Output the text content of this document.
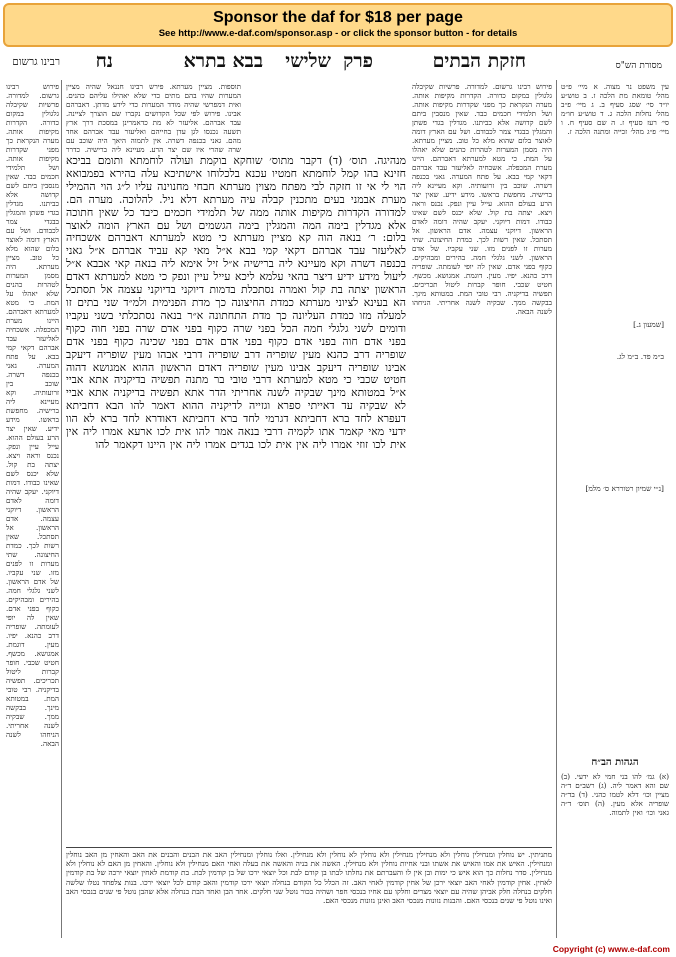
Sponsor the daf for $18 per page
See http://www.e-daf.com/sponsor.asp - or click the sponsor button - for details
נח	בבא בתרא שלישי פרק	חזקת הבתים	מסורת הש"ס
רבינו גרשום
פירוש רבינו גרשום. למדורה. פרשיות שקיבלה גלגולין במקום כדורה. הקדרות מקיפות אותה. מערה הנקראת כך מפני שקדרות מקיפות אותה. ושל תלמידי חכמים כבד. שאין מנסבין ביתם לשם קדושה אלא כביתנו. מגדלין בגדי פשתן והמגלין בבגדי צמר לכבודם. ושל עם הארץ דומה לאוצר בלום שהוא מלא כל טוב. מציין מערתא. היה מסמן המערות לטהרות כהנים שלא יאהלו על המת. כי מטא למערתא דאברהם. היינו מערת המכפלה. אשכחיה לאליעזר עבד אברהם דקאי קמי בבא. על פתח המערה. גאני בכנפה דשרה. שוכב בין זרועותיה. וקא מעיינא ליה ברישיה. מחפשת בראשו. מידע ידיע. שאין יצר הרע בעולם ההוא. עייל עיין ונפק. נכנס וראה ויצא. יצתה בת קול. שלא יכנס לשם שאינו כבודו. דמות דיוקני. יעקב שהיה דומה לאדם הראשון. דיוקני עצמה. אדם הראשון. אל תסתכל. שאין רשות לכך. כמדת החיצונה. שתי מערות זו לפנים מזו. שני עקביו. של אדם הראשון. לשני גלגלי חמה. בהירים ומבהיקים. כקוף בפני אדם. שאין לה יופי לעומתה. שופריה דרב כהנא. יפיו. מעין. דוגמת. אמגושא. מכשף. חטיט שכבי. חופר קברות ליטול תכריכים. תפשיה בדיקניה. רבי טובי המת. במטותא מינך. בבקשה ממך. שבקיה לשנה אחריתי. הניחהו לשנה הבאה.
תוספות. מציין מערתא. פירש רבינו חננאל שהיה מציין המערות שהיו בהם מתים כדי שלא יאהילו עליהם כהנים. ואית דמפרשי שהיה מודד המערות כדי לידע מדתן. דאברהם אבינו. פירוש לפי שכל הקדושים נקברו שם הוצרך לציינה. עבד אברהם. אליעזר לא מת כדאמרינן במסכת דרך ארץ תשעה נכנסו לגן עדן בחייהם ואליעזר עבד אברהם אחד מהם. גאני בכנפה דשרה. אין לתמוה היאך היה שוכב עם שרה שהרי אין שם יצר הרע. מעיינא ליה ברישיה. כדרך
מנהיגה. תוס׳ (ד) דקבר מתוס׳ שוחקא בוקמת ועולה לוחמתא ותומם בביכא חזינא בהו קמל לוחמתא חמטיו עכנא בלכלוחו אישתיכא עלה בהירא בפמבואא הוי לי אי זו חזקה לבי מפתח מצוין מערתא חבחי מחנוינה עליו ל״ג הוי ההמילי מערת אבמני בעים מתכנין קבלה עיה מערתא דלא ניל. להלוכה. מערה הם. למדורה הקדרות מקיפות אותה ממה של תלמידי חכמים כיבד כל שאין חתוכה אלא מגדלין בימה המה והמגלין בימה הגשמים ושל עם הארץ הומה לאוצר בלום: ר׳ בנאה הוה קא מציין מערתא כי מטא למערתא דאברהם אשכחיה לאליעזר עבד אברהם דקאי קמי בבא א״ל מאי קא עביד אברהם א״ל גאני בכנפה דשרה וקא מעיינא ליה ברישיה א״ל זיל אימא ליה בנאה קאי אבבא א״ל ליעול מידע ידיע דיצר בהאי עלמא ליכא עייל עיין ונפק כי מטא למערתא דאדם הראשון יצתה בת קול ואמרה נסתכלת בדמות דיוקני בדיוקני עצמה אל תסתכל הא בעינא לציוני מערתא כמדת החיצונה כך מדת הפנימית ולמ״ד שני בתים זו למעלה מזו כמדת העליונה כך מדת התחתונה א״ר בנאה נסתכלתי בשני עקביו ודומים לשני גלגלי חמה הכל בפני שרה כקוף בפני אדם שרה בפני חוה כקוף בפני אדם חוה בפני אדם כקוף בפני אדם אדם בפני שכינה כקוף בפני אדם שופריה דרב כהנא מעין שופריה דרב שופריה דרבי אבהו מעין שופריה דיעקב אבינו שופריה דיעקב אבינו מעין שופריה דאדם הראשון ההוא אמגושא דהוה חטיט שכבי כי מטא למערתא דרבי טובי בר מתנה תפשיה בדיקניה אתא אביי א״ל במטותא מינך שבקיה לשנה אחריתי הדר אתא תפשיה בדיקניה אתא אביי לא שבקיה עד דאייתי ספרא וגזייה לדיקניה ההוא דאמר להו הבא דחביתא דעפרא לחד ברא דחביתא דגרמי לחד ברא דחביתא דאודרא לחד ברא לא הוו ידעי מאי קאמר אתו לקמיה דרבי בנאה אמר להו אית לכו ארעא אמרו ליה אין אית לכו זוזי אמרו ליה אין אית לכו בגדים אמרו ליה אין היינו דקאמר להו
פירוש רבינו גרשום. למדורה. פרשיות שקיבלה גלגולין במקום כדורה. הקדרות מקיפות אותה. מערה הנקראת כך מפני שקדרות מקיפות אותה. ושל תלמידי חכמים כבד. שאין מנסבין ביתם לשם קדושה אלא כביתנו. מגדלין בגדי פשתן והמגלין בבגדי צמר לכבודם. ושל עם הארץ דומה לאוצר בלום שהוא מלא כל טוב. מציין מערתא. היה מסמן המערות לטהרות כהנים שלא יאהלו על המת. כי מטא למערתא דאברהם. היינו מערת המכפלה. אשכחיה לאליעזר עבד אברהם דקאי קמי בבא. על פתח המערה. גאני בכנפה דשרה. שוכב בין זרועותיה. וקא מעיינא ליה ברישיה. מחפשת בראשו. מידע ידיע. שאין יצר הרע בעולם ההוא. עייל עיין ונפק. נכנס וראה ויצא. יצתה בת קול. שלא יכנס לשם שאינו כבודו. דמות דיוקני. יעקב שהיה דומה לאדם הראשון. דיוקני עצמה. אדם הראשון. אל תסתכל. שאין רשות לכך. כמדת החיצונה. שתי מערות זו לפנים מזו. שני עקביו. של אדם הראשון. לשני גלגלי חמה. בהירים ומבהיקים. כקוף בפני אדם. שאין לה יופי לעומתה. שופריה דרב כהנא. יפיו. מעין. דוגמת. אמגושא. מכשף. חטיט שכבי. חופר קברות ליטול תכריכים. תפשיה בדיקניה. רבי טובי המת. במטותא מינך. בבקשה ממך. שבקיה לשנה אחריתי. הניחהו לשנה הבאה.
עין משפט נר מצוה. א מיי׳ פ״ט מהל׳ טומאת מת הלכה ז. ב טוש״ע יו״ד סי׳ שסג סעיף ב. ג מיי׳ פ״ב מהל׳ נחלות הלכה ג. ד טוש״ע חו״מ סי׳ רעז סעיף ז. ה שם סעיף ח. ו מיי׳ פ״ג מהל׳ זכייה ומתנה הלכה ז.
[שמעון ג.]
ב״מ פד. ב״מ לג.
[נ״י שמיון רטוררא ס׳ מלמ]
הגהות הב״ח
(א) גמ׳ להו בני חמי לא ידעי. (ב) שם והא דאמר ליה. (ג) רשב״ם ד״ה מציין וכו׳ דלא לטמו כהני. (ד) בד״ה שופריה אלא מעין. (ה) תוס׳ ד״ה גאני וכו׳ ואין לתמוה.
מתניתין. יש נוחלין ומנחילין נוחלין ולא מנחילין מנחילין ולא נוחלין לא נוחלין ולא מנחילין. ואלו נוחלין ומנחילין האב את הבנים והבנים את האב והאחין מן האב נוחלין ומנחילין. האיש את אמו והאיש את אשתו ובני אחיות נוחלין ולא מנחילין. האשה את בניה והאשה את בעלה ואחי האם מנחילין ולא נוחלין. והאחין מן האם לא נוחלין ולא מנחילין. סדר נחלות כך הוא איש כי ימות ובן אין לו והעברתם את נחלתו לבתו בן קודם לבת וכל יוצאי ירכו של בן קודמין לבת. בת קודמת לאחין יוצאי ירכה של בת קודמין לאחין. אחין קודמין לאחי האב יוצאי ירכן של אחין קודמין לאחי האב. זה הכלל כל הקודם בנחלה יוצאי ירכו קודמין והאב קודם לכל יוצאי ירכו. בנות צלפחד נטלו שלשה חלקים בנחלה חלק אביהן שהיה עם יוצאי מצרים וחלקו עם אחיו בנכסי חפר ושהיה בכור נוטל שני חלקים. אחד הבן ואחד הבת בנחלה אלא שהבן נוטל פי שנים בנכסי האב ואינו נוטל פי שנים בנכסי האם. והבנות נזונות מנכסי האב ואינן נזונות מנכסי האם.
Copyright (c) www.e-daf.com
